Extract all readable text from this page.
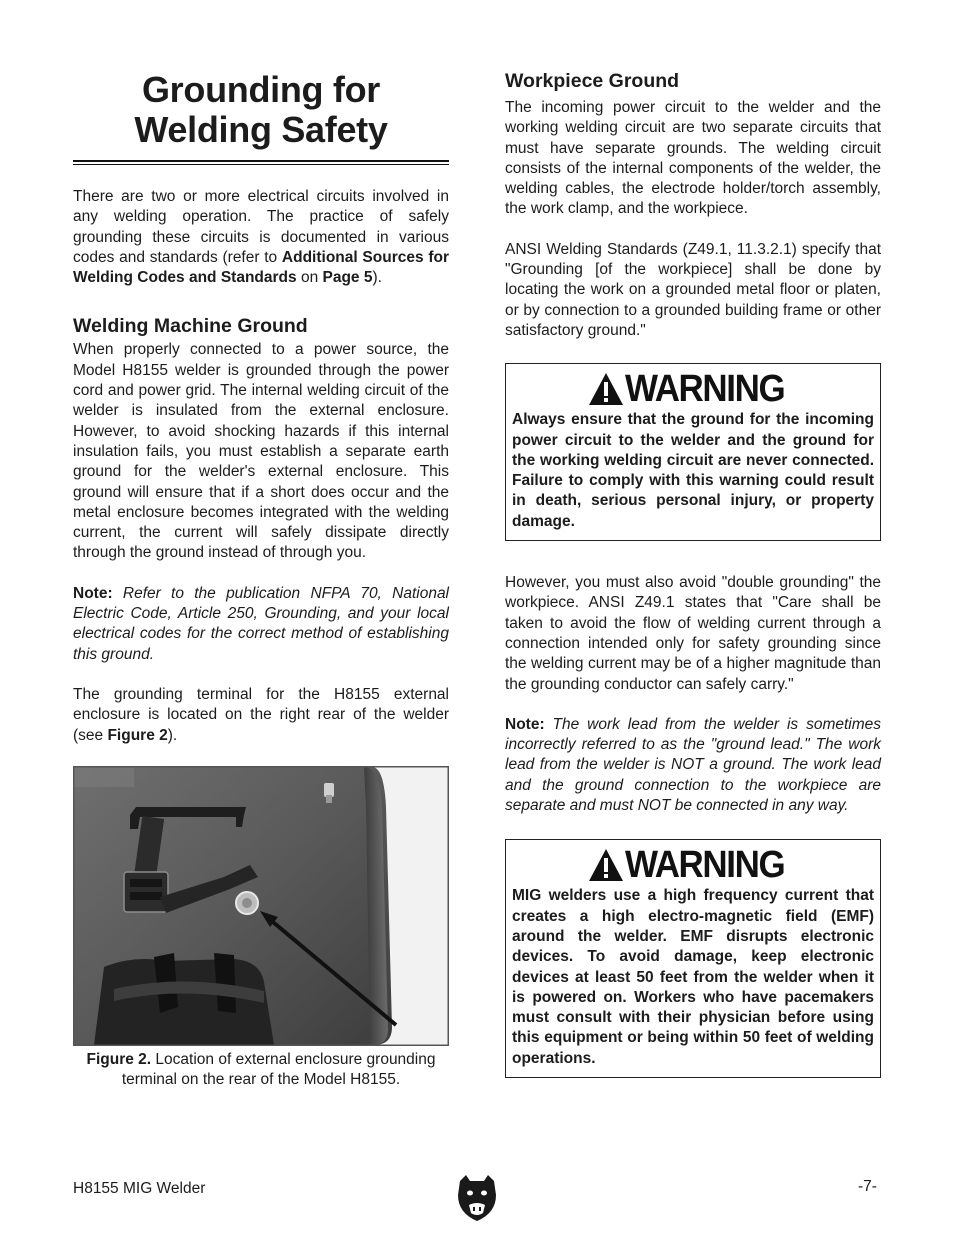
Grounding for
Welding Safety

There are two or more electrical circuits involved in any welding operation. The practice of safely grounding these circuits is documented in various codes and standards (refer to Additional Sources for Welding Codes and Standards on Page 5).

Welding Machine Ground

When properly connected to a power source, the Model H8155 welder is grounded through the power cord and power grid. The internal welding circuit of the welder is insulated from the external enclosure. However, to avoid shocking hazards if this internal insulation fails, you must establish a separate earth ground for the welder's external enclosure. This ground will ensure that if a short does occur and the metal enclosure becomes integrated with the welding current, the current will safely dissipate directly through the ground instead of through you.

Note: Refer to the publication NFPA 70, National Electric Code, Article 250, Grounding, and your local electrical codes for the correct method of establishing this ground.

The grounding terminal for the H8155 external enclosure is located on the right rear of the welder (see Figure 2).

Figure 2. Location of external enclosure grounding terminal on the rear of the Model H8155.
Workpiece Ground

The incoming power circuit to the welder and the working welding circuit are two separate circuits that must have separate grounds. The welding circuit consists of the internal components of the welder, the welding cables, the electrode holder/torch assembly, the work clamp, and the workpiece.

ANSI Welding Standards (Z49.1, 11.3.2.1) specify that "Grounding [of the workpiece] shall be done by locating the work on a grounded metal floor or platen, or by connection to a grounded building frame or other satisfactory ground."

WARNING
Always ensure that the ground for the incoming power circuit to the welder and the ground for the working welding circuit are never connected. Failure to comply with this warning could result in death, serious personal injury, or property damage.

However, you must also avoid "double grounding" the workpiece. ANSI Z49.1 states that "Care shall be taken to avoid the flow of welding current through a connection intended only for safety grounding since the welding current may be of a higher magnitude than the grounding conductor can safely carry."

Note: The work lead from the welder is sometimes incorrectly referred to as the "ground lead." The work lead from the welder is NOT a ground. The work lead and the ground connection to the workpiece are separate and must NOT be connected in any way.

WARNING
MIG welders use a high frequency current that creates a high electro-magnetic field (EMF) around the welder. EMF disrupts electronic devices. To avoid damage, keep electronic devices at least 50 feet from the welder when it is powered on. Workers who have pacemakers must consult with their physician before using this equipment or being within 50 feet of welding operations.
H8155 MIG Welder	-7-
